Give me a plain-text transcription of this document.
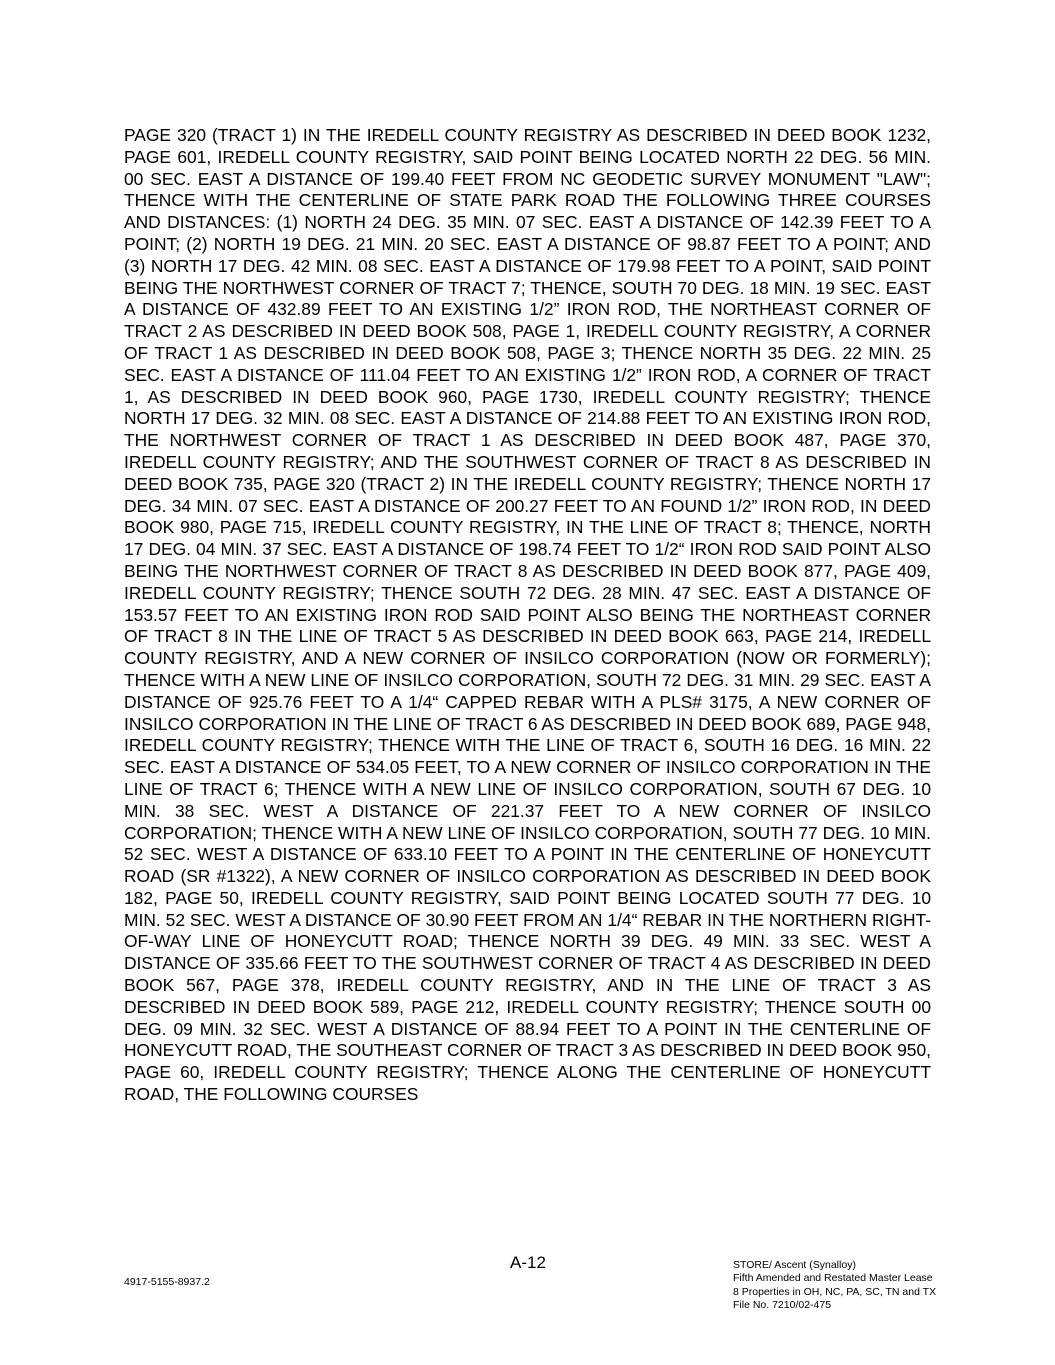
PAGE 320 (TRACT 1) IN THE IREDELL COUNTY REGISTRY AS DESCRIBED IN DEED BOOK 1232, PAGE 601, IREDELL COUNTY REGISTRY, SAID POINT BEING LOCATED NORTH 22 DEG. 56 MIN. 00 SEC. EAST A DISTANCE OF 199.40 FEET FROM NC GEODETIC SURVEY MONUMENT "LAW"; THENCE WITH THE CENTERLINE OF STATE PARK ROAD THE FOLLOWING THREE COURSES AND DISTANCES: (1) NORTH 24 DEG. 35 MIN. 07 SEC. EAST A DISTANCE OF 142.39 FEET TO A POINT; (2) NORTH 19 DEG. 21 MIN. 20 SEC. EAST A DISTANCE OF 98.87 FEET TO A POINT; AND (3) NORTH 17 DEG. 42 MIN. 08 SEC. EAST A DISTANCE OF 179.98 FEET TO A POINT, SAID POINT BEING THE NORTHWEST CORNER OF TRACT 7; THENCE, SOUTH 70 DEG. 18 MIN. 19 SEC. EAST A DISTANCE OF 432.89 FEET TO AN EXISTING 1/2” IRON ROD, THE NORTHEAST CORNER OF TRACT 2 AS DESCRIBED IN DEED BOOK 508, PAGE 1, IREDELL COUNTY REGISTRY, A CORNER OF TRACT 1 AS DESCRIBED IN DEED BOOK 508, PAGE 3; THENCE NORTH 35 DEG. 22 MIN. 25 SEC. EAST A DISTANCE OF 111.04 FEET TO AN EXISTING 1/2” IRON ROD, A CORNER OF TRACT 1, AS DESCRIBED IN DEED BOOK 960, PAGE 1730, IREDELL COUNTY REGISTRY; THENCE NORTH 17 DEG. 32 MIN. 08 SEC. EAST A DISTANCE OF 214.88 FEET TO AN EXISTING IRON ROD, THE NORTHWEST CORNER OF TRACT 1 AS DESCRIBED IN DEED BOOK 487, PAGE 370, IREDELL COUNTY REGISTRY; AND THE SOUTHWEST CORNER OF TRACT 8 AS DESCRIBED IN DEED BOOK 735, PAGE 320 (TRACT 2) IN THE IREDELL COUNTY REGISTRY; THENCE NORTH 17 DEG. 34 MIN. 07 SEC. EAST A DISTANCE OF 200.27 FEET TO AN FOUND 1/2” IRON ROD, IN DEED BOOK 980, PAGE 715, IREDELL COUNTY REGISTRY, IN THE LINE OF TRACT 8; THENCE, NORTH 17 DEG. 04 MIN. 37 SEC. EAST A DISTANCE OF 198.74 FEET TO 1/2“ IRON ROD SAID POINT ALSO BEING THE NORTHWEST CORNER OF TRACT 8 AS DESCRIBED IN DEED BOOK 877, PAGE 409, IREDELL COUNTY REGISTRY; THENCE SOUTH 72 DEG. 28 MIN. 47 SEC. EAST A DISTANCE OF 153.57 FEET TO AN EXISTING IRON ROD SAID POINT ALSO BEING THE NORTHEAST CORNER OF TRACT 8 IN THE LINE OF TRACT 5 AS DESCRIBED IN DEED BOOK 663, PAGE 214, IREDELL COUNTY REGISTRY, AND A NEW CORNER OF INSILCO CORPORATION (NOW OR FORMERLY); THENCE WITH A NEW LINE OF INSILCO CORPORATION, SOUTH 72 DEG. 31 MIN. 29 SEC. EAST A DISTANCE OF 925.76 FEET TO A 1/4“ CAPPED REBAR WITH A PLS# 3175, A NEW CORNER OF INSILCO CORPORATION IN THE LINE OF TRACT 6 AS DESCRIBED IN DEED BOOK 689, PAGE 948, IREDELL COUNTY REGISTRY; THENCE WITH THE LINE OF TRACT 6, SOUTH 16 DEG. 16 MIN. 22 SEC. EAST A DISTANCE OF 534.05 FEET, TO A NEW CORNER OF INSILCO CORPORATION IN THE LINE OF TRACT 6; THENCE WITH A NEW LINE OF INSILCO CORPORATION, SOUTH 67 DEG. 10 MIN. 38 SEC. WEST A DISTANCE OF 221.37 FEET TO A NEW CORNER OF INSILCO CORPORATION; THENCE WITH A NEW LINE OF INSILCO CORPORATION, SOUTH 77 DEG. 10 MIN. 52 SEC. WEST A DISTANCE OF 633.10 FEET TO A POINT IN THE CENTERLINE OF HONEYCUTT ROAD (SR #1322), A NEW CORNER OF INSILCO CORPORATION AS DESCRIBED IN DEED BOOK 182, PAGE 50, IREDELL COUNTY REGISTRY, SAID POINT BEING LOCATED SOUTH 77 DEG. 10 MIN. 52 SEC. WEST A DISTANCE OF 30.90 FEET FROM AN 1/4“ REBAR IN THE NORTHERN RIGHT-OF-WAY LINE OF HONEYCUTT ROAD; THENCE NORTH 39 DEG. 49 MIN. 33 SEC. WEST A DISTANCE OF 335.66 FEET TO THE SOUTHWEST CORNER OF TRACT 4 AS DESCRIBED IN DEED BOOK 567, PAGE 378, IREDELL COUNTY REGISTRY, AND IN THE LINE OF TRACT 3 AS DESCRIBED IN DEED BOOK 589, PAGE 212, IREDELL COUNTY REGISTRY; THENCE SOUTH 00 DEG. 09 MIN. 32 SEC. WEST A DISTANCE OF 88.94 FEET TO A POINT IN THE CENTERLINE OF HONEYCUTT ROAD, THE SOUTHEAST CORNER OF TRACT 3 AS DESCRIBED IN DEED BOOK 950, PAGE 60, IREDELL COUNTY REGISTRY; THENCE ALONG THE CENTERLINE OF HONEYCUTT ROAD, THE FOLLOWING COURSES

A-12
4917-5155-8937.2
STORE/ Ascent (Synalloy)
Fifth Amended and Restated Master Lease
8 Properties in OH, NC, PA, SC, TN and TX
File No. 7210/02-475
